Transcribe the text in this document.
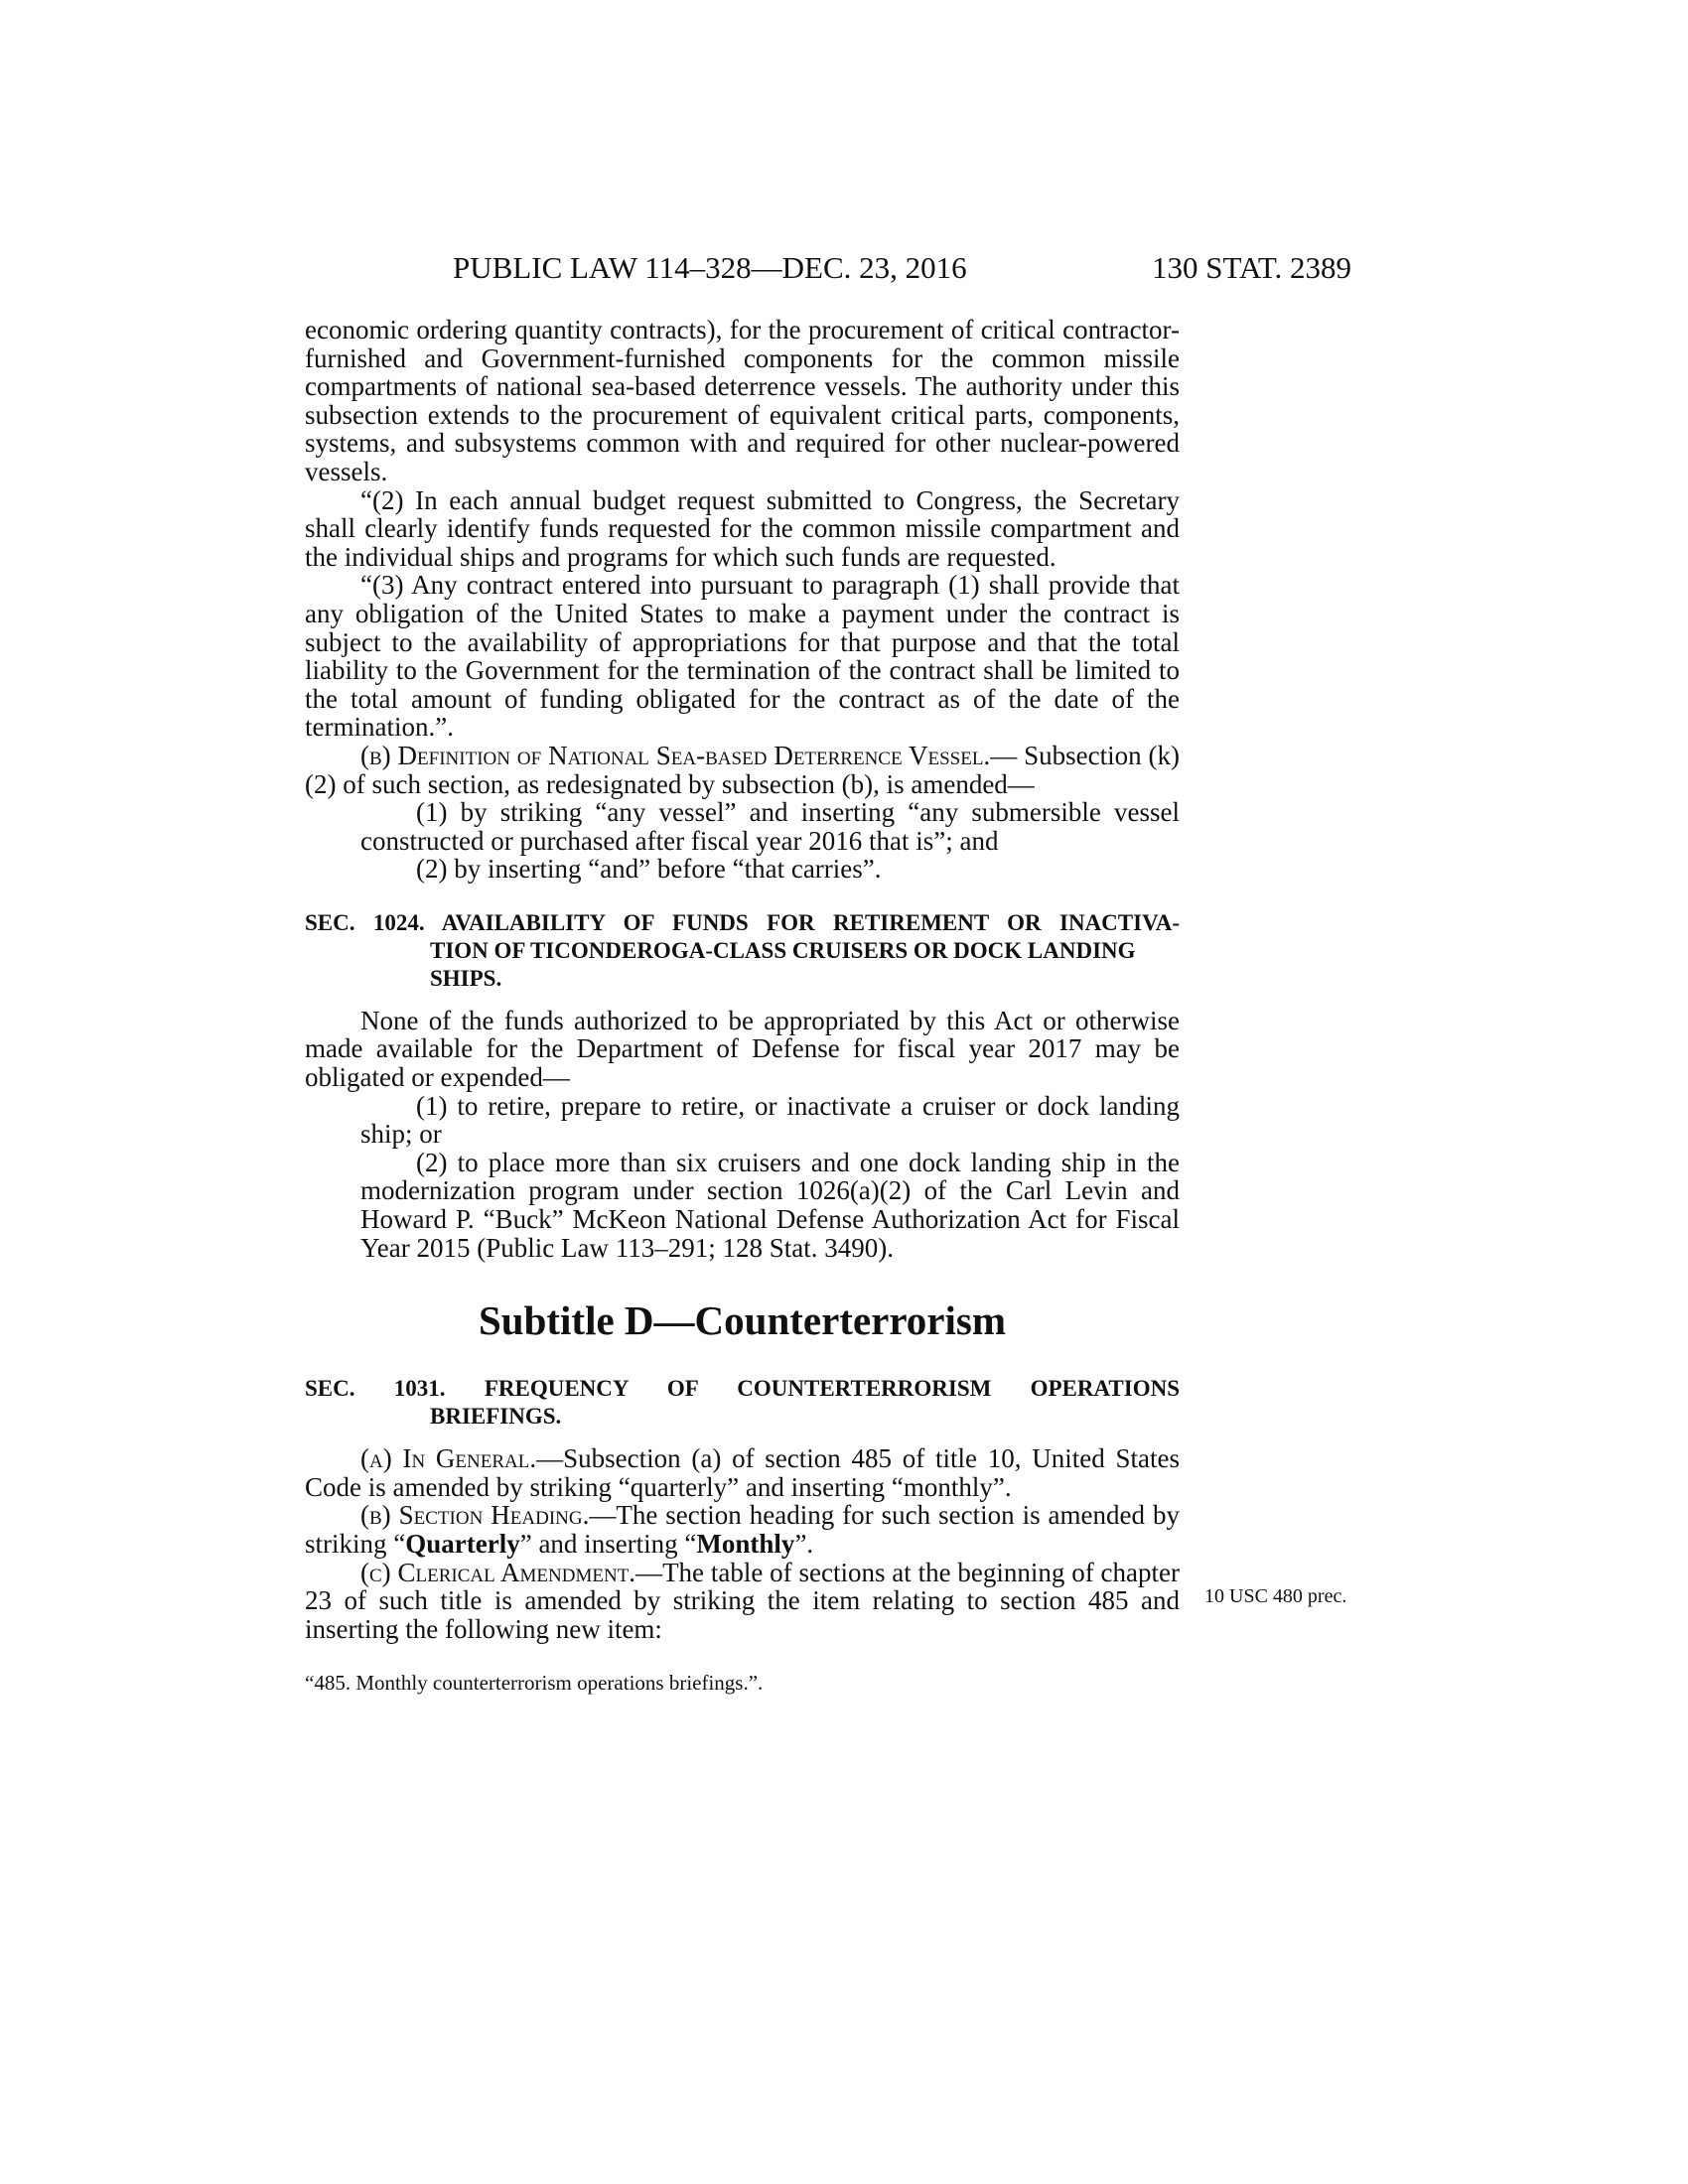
PUBLIC LAW 114–328—DEC. 23, 2016	130 STAT. 2389

economic ordering quantity contracts), for the procurement of critical contractor-furnished and Government-furnished components for the common missile compartments of national sea-based deterrence vessels. The authority under this subsection extends to the procurement of equivalent critical parts, components, systems, and subsystems common with and required for other nuclear-powered vessels.

“(2) In each annual budget request submitted to Congress, the Secretary shall clearly identify funds requested for the common missile compartment and the individual ships and programs for which such funds are requested.

“(3) Any contract entered into pursuant to paragraph (1) shall provide that any obligation of the United States to make a payment under the contract is subject to the availability of appropriations for that purpose and that the total liability to the Government for the termination of the contract shall be limited to the total amount of funding obligated for the contract as of the date of the termination.”.

(b) Definition of National Sea-based Deterrence Vessel.— Subsection (k)(2) of such section, as redesignated by subsection (b), is amended—

(1) by striking “any vessel” and inserting “any submersible vessel constructed or purchased after fiscal year 2016 that is”; and

(2) by inserting “and” before “that carries”.

SEC. 1024. AVAILABILITY OF FUNDS FOR RETIREMENT OR INACTIVA-
TION OF TICONDEROGA-CLASS CRUISERS OR DOCK LANDING SHIPS.

None of the funds authorized to be appropriated by this Act or otherwise made available for the Department of Defense for fiscal year 2017 may be obligated or expended—

(1) to retire, prepare to retire, or inactivate a cruiser or dock landing ship; or

(2) to place more than six cruisers and one dock landing ship in the modernization program under section 1026(a)(2) of the Carl Levin and Howard P. “Buck” McKeon National Defense Authorization Act for Fiscal Year 2015 (Public Law 113–291; 128 Stat. 3490).

Subtitle D—Counterterrorism
SEC. 1031. FREQUENCY OF COUNTERTERRORISM OPERATIONS
BRIEFINGS.

(a) In General.—Subsection (a) of section 485 of title 10, United States Code is amended by striking “quarterly” and inserting “monthly”.

(b) Section Heading.—The section heading for such section is amended by striking “Quarterly” and inserting “Monthly”.

(c) Clerical Amendment.—The table of sections at the beginning of chapter 23 of such title is amended by striking the item relating to section 485 and inserting the following new item:

10 USC 480 prec.
“485. Monthly counterterrorism operations briefings.”.
